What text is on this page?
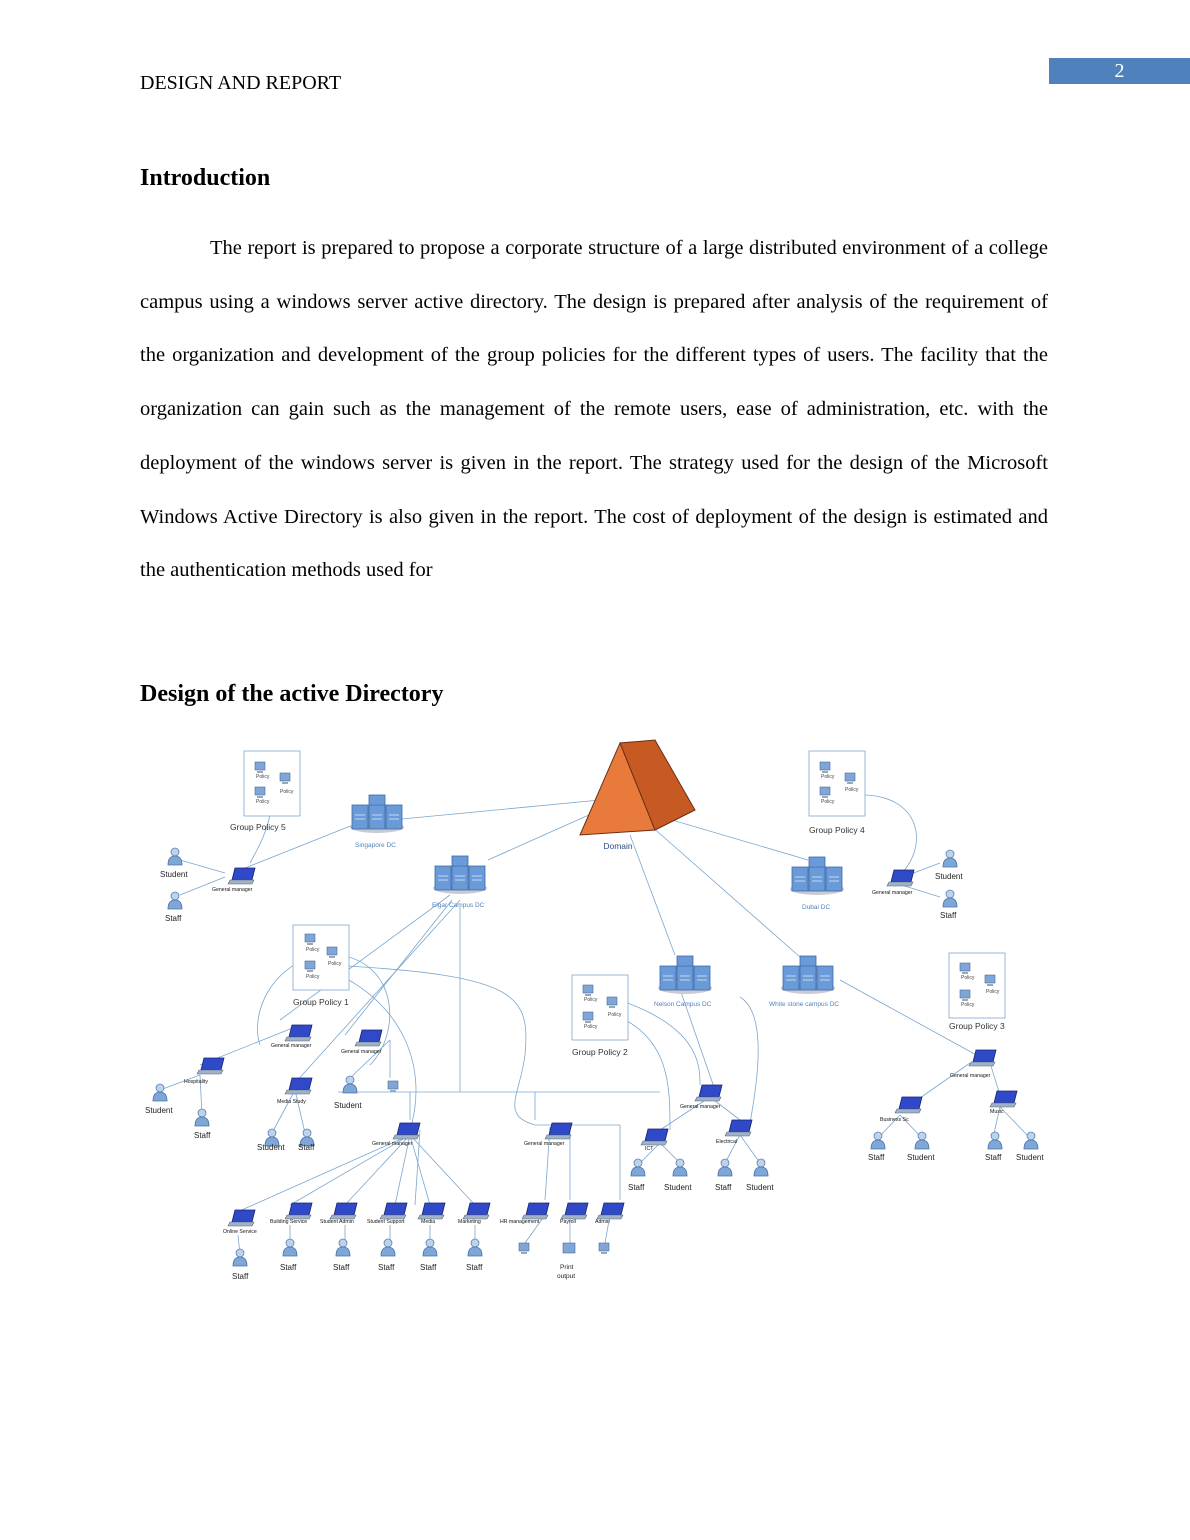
2
DESIGN AND REPORT
Introduction

The report is prepared to propose a corporate structure of a large distributed environment of a college campus using a windows server active directory. The design is prepared after analysis of the requirement of the organization and development of the group policies for the different types of users. The facility that the organization can gain such as the management of the remote users, ease of administration, etc. with the deployment of the windows server is given in the report. The strategy used for the design of the Microsoft Windows Active Directory is also given in the report. The cost of deployment of the design is estimated and the authentication methods used for

Design of the active Directory
Domain
Policy
Policy
Policy
Policy
Policy
Policy
Policy
Policy
Policy
Policy
Policy
Policy
Policy
Policy
Policy
Group Policy 5	Group Policy 4
Group Policy 1
Group Policy 2
Group Policy 3
Singapore DC
Elgar Campus DC	Dubai DC
Nelson Campus DC	White stone campus DC
General manager	General manager
General manager
General manager
General manager
General manager
General manager	General manager
Hospitality
Media Study
ICT
Electrical
Business Sc
Music
Online Service
Building Service Student Admin	Student Support	Media	Marketing	HR management	Payroll	Admin
Student
Staff
Student
Staff
Student
Staff
Student
Student Staff
Staff	Student	Staff Student
Staff Student	Staff Student
Staff
Staff	Staff	Staff	Staff	Staff	Print
output
